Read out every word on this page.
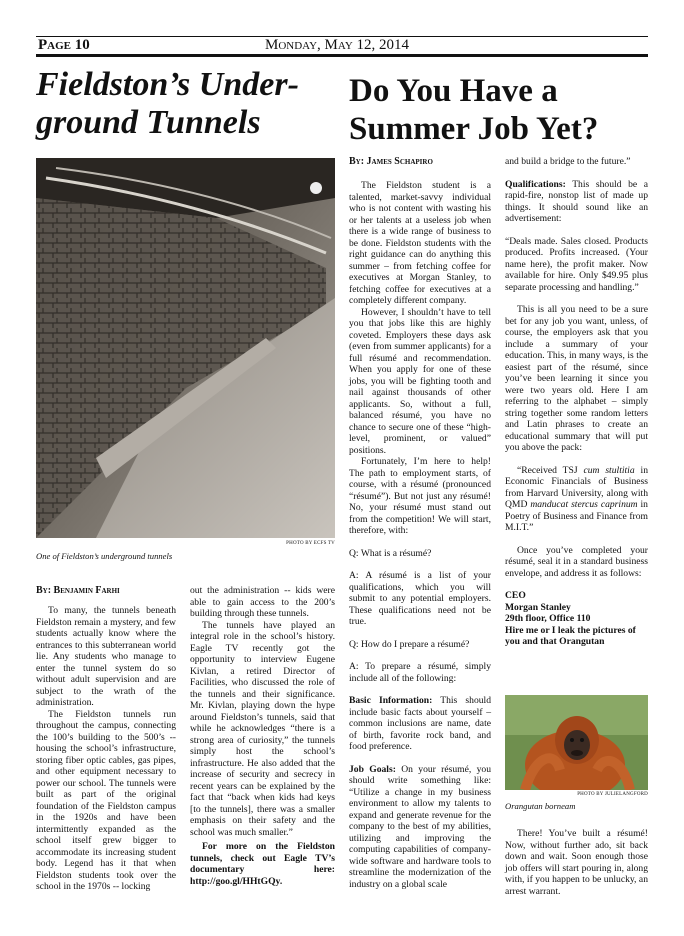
Page 10	Monday, May 12, 2014
Fieldston’s Under-
ground Tunnels
PHOTO BY ECFS TV
One of Fieldston’s underground tunnels
By: Benjamin Farhi

To many, the tunnels beneath Fieldston remain a mystery, and few students actually know where the entrances to this subterranean world lie. Any students who manage to enter the tunnel system do so without adult supervision and are subject to the wrath of the administration.

The Fieldston tunnels run throughout the campus, connecting the 100’s building to the 500’s -- housing the school’s infrastructure, storing fiber optic cables, gas pipes, and other equipment necessary to power our school. The tunnels were built as part of the original foundation of the Fieldston campus in the 1920s and have been intermittently expanded as the school itself grew bigger to accommodate its increasing student body. Legend has it that when Fieldston students took over the school in the 1970s -- locking

out the administration -- kids were able to gain access to the 200’s building through these tunnels.

The tunnels have played an integral role in the school’s history. Eagle TV recently got the opportunity to interview Eugene Kivlan, a retired Director of Facilities, who discussed the role of the tunnels and their significance. Mr. Kivlan, playing down the hype around Fieldston’s tunnels, said that while he acknowledges “there is a strong area of curiosity,” the tunnels simply host the school’s infrastructure. He also added that the increase of security and secrecy in recent years can be explained by the fact that “back when kids had keys [to the tunnels], there was a smaller emphasis on their safety and the school was much smaller.”

For more on the Fieldston tunnels, check out Eagle TV’s documentary here: http://goo.gl/HHtGQy.

Do You Have a
Summer Job Yet?
By: James Schapiro

The Fieldston student is a talented, market-savvy individual who is not content with wasting his or her talents at a useless job when there is a wide range of business to be done. Fieldston students with the right guidance can do anything this summer – from fetching coffee for executives at Morgan Stanley, to fetching coffee for executives at a completely different company.

However, I shouldn’t have to tell you that jobs like this are highly coveted. Employers these days ask (even from summer applicants) for a full résumé and recommendation. When you apply for one of these jobs, you will be fighting tooth and nail against thousands of other applicants. So, without a full, balanced résumé, you have no chance to secure one of these “high-level, prominent, or valued” positions.

Fortunately, I’m here to help! The path to employment starts, of course, with a résumé (pronounced “résumé”). But not just any résumé! No, your résumé must stand out from the competition! We will start, therefore, with:

Q: What is a résumé?

A: A résumé is a list of your qualifications, which you will submit to any potential employers. These qualifications need not be true.

Q: How do I prepare a résumé?

A: To prepare a résumé, simply include all of the following:

Basic Information: This should include basic facts about yourself – common inclusions are name, date of birth, favorite rock band, and food preference.

Job Goals: On your résumé, you should write something like: “Utilize a change in my business environment to allow my talents to expand and generate revenue for the company to the best of my abilities, utilizing and improving the computing capabilities of company-wide software and hardware tools to streamline the modernization of the industry on a global scale

and build a bridge to the future.”

Qualifications: This should be a rapid-fire, nonstop list of made up things. It should sound like an advertisement:

“Deals made. Sales closed. Products produced. Profits increased. (Your name here), the profit maker. Now available for hire. Only $49.95 plus separate processing and handling.”

This is all you need to be a sure bet for any job you want, unless, of course, the employers ask that you include a summary of your education. This, in many ways, is the easiest part of the résumé, since you’ve been learning it since you were two years old. Here I am referring to the alphabet – simply string together some random letters and Latin phrases to create an educational summary that will put you above the pack:

“Received TSJ cum stultitia in Economic Financials of Business from Harvard University, along with QMD manducat stercus caprinum in Poetry of Business and Finance from M.I.T.”

Once you’ve completed your résumé, seal it in a standard business envelope, and address it as follows:

CEO
Morgan Stanley
29th floor, Office 110
Hire me or I leak the pictures of you and that Orangutan
PHOTO BY JULIELANGFORD
Orangutan borneam

There! You’ve built a résumé! Now, without further ado, sit back down and wait. Soon enough those job offers will start pouring in, along with, if you happen to be unlucky, an arrest warrant.
